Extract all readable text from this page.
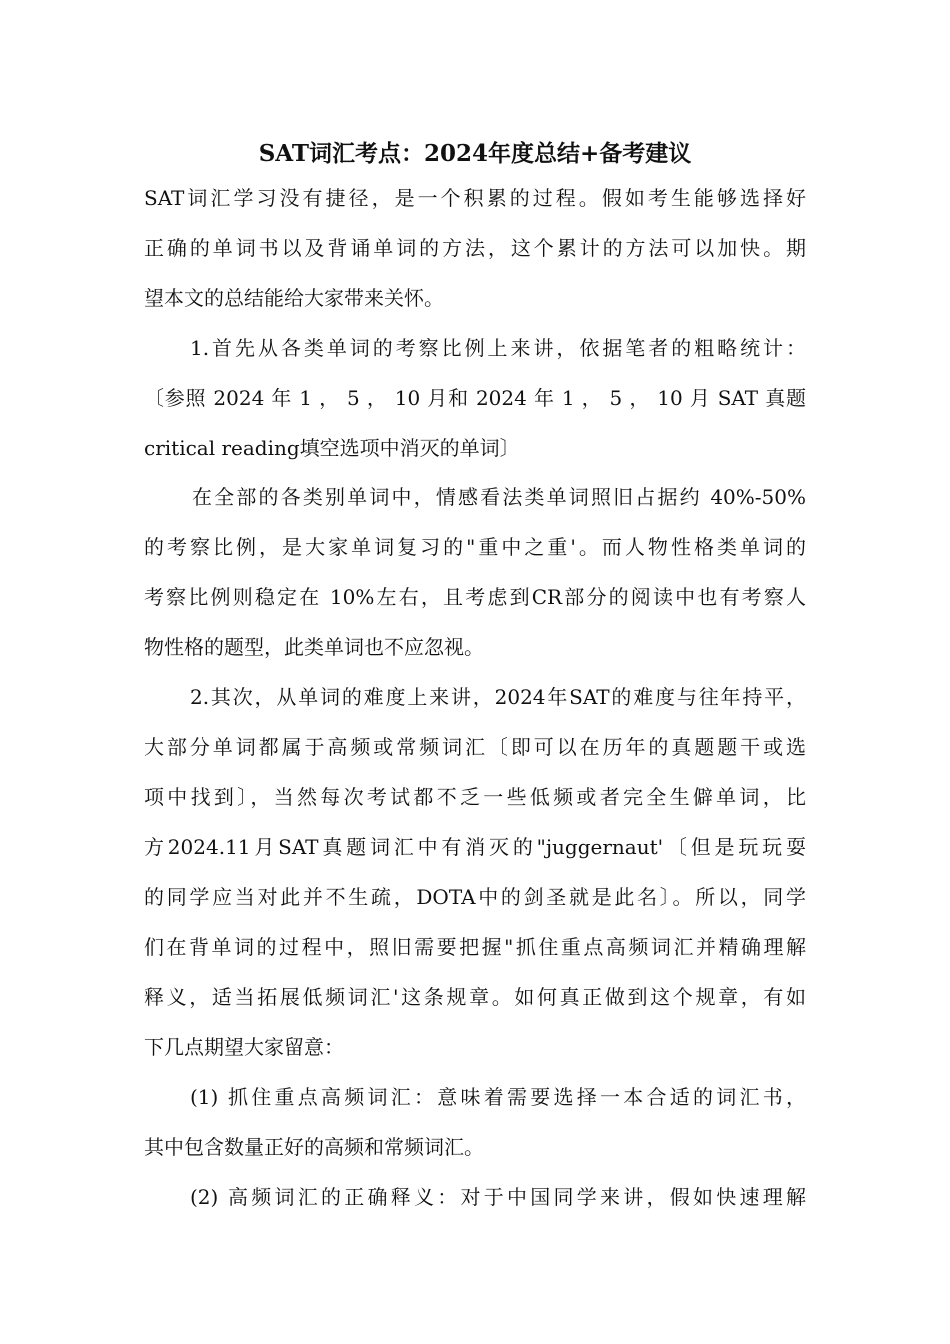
SAT词汇考点：2024年度总结+备考建议
SAT词汇学习没有捷径，是一个积累的过程。假如考生能够选择好
正确的单词书以及背诵单词的方法，这个累计的方法可以加快。期
望本文的总结能给大家带来关怀。
1.首先从各类单词的考察比例上来讲，依据笔者的粗略统计：
〔参照 2024 年 1 ， 5 ， 10 月和 2024 年 1 ， 5 ， 10 月 SAT 真题
critical reading填空选项中消灭的单词〕
在全部的各类别单词中，情感看法类单词照旧占据约 40%-50%
的考察比例，是大家单词复习的"重中之重'。而人物性格类单词的
考察比例则稳定在 10%左右，且考虑到CR部分的阅读中也有考察人
物性格的题型，此类单词也不应忽视。
2.其次，从单词的难度上来讲，2024年SAT的难度与往年持平，
大部分单词都属于高频或常频词汇〔即可以在历年的真题题干或选
项中找到〕，当然每次考试都不乏一些低频或者完全生僻单词，比
方2024.11月SAT真题词汇中有消灭的"juggernaut'〔但是玩玩耍
的同学应当对此并不生疏，DOTA中的剑圣就是此名〕。所以，同学
们在背单词的过程中，照旧需要把握"抓住重点高频词汇并精确理解
释义，适当拓展低频词汇'这条规章。如何真正做到这个规章，有如
下几点期望大家留意：
(1) 抓住重点高频词汇：意味着需要选择一本合适的词汇书，
其中包含数量正好的高频和常频词汇。
(2) 高频词汇的正确释义：对于中国同学来讲，假如快速理解
